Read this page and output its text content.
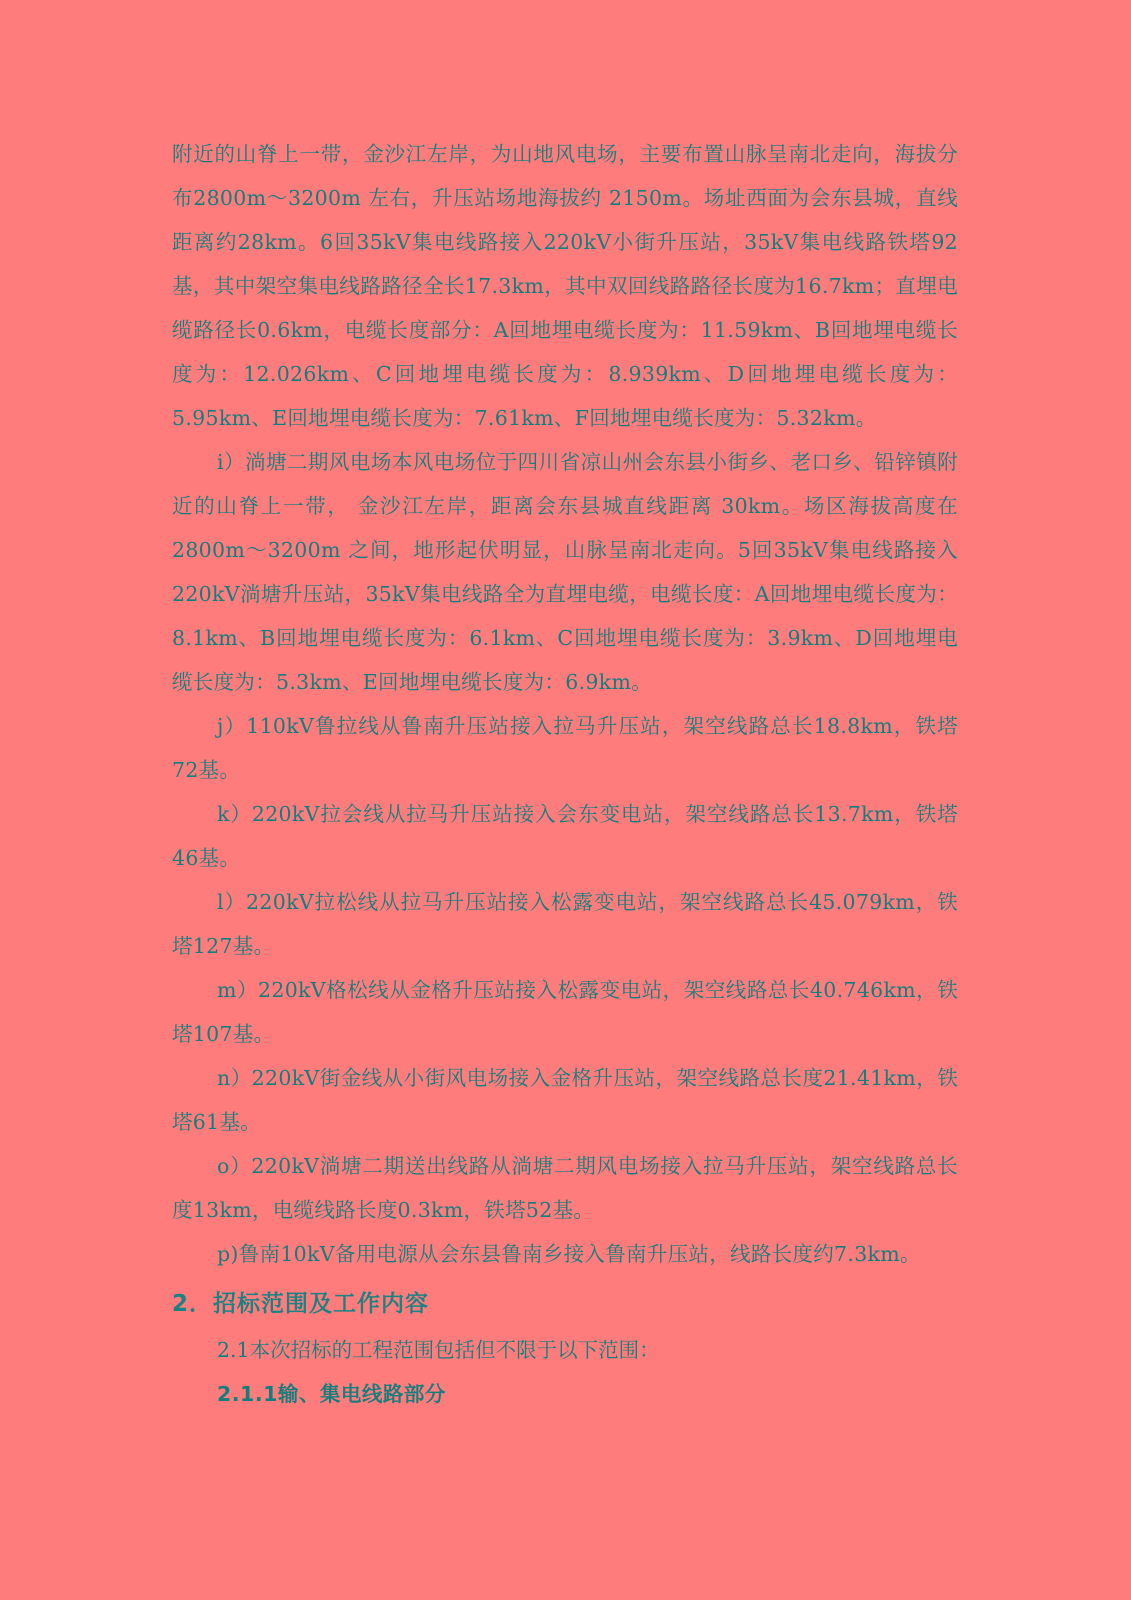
附近的山脊上一带，金沙江左岸，为山地风电场，主要布置山脉呈南北走向，海拔分布2800m～3200m 左右，升压站场地海拔约 2150m。场址西面为会东县城，直线距离约28km。6回35kV集电线路接入220kV小街升压站，35kV集电线路铁塔92基，其中架空集电线路路径全长17.3km，其中双回线路路径长度为16.7km；直埋电缆路径长0.6km，电缆长度部分：A回地埋电缆长度为：11.59km、B回地埋电缆长度为：12.026km、C回地埋电缆长度为：8.939km、D回地埋电缆长度为：5.95km、E回地埋电缆长度为：7.61km、F回地埋电缆长度为：5.32km。

i）淌塘二期风电场本风电场位于四川省凉山州会东县小街乡、老口乡、铅锌镇附近的山脊上一带， 金沙江左岸，距离会东县城直线距离 30km。场区海拔高度在 2800m～3200m 之间，地形起伏明显，山脉呈南北走向。5回35kV集电线路接入220kV淌塘升压站，35kV集电线路全为直埋电缆，电缆长度：A回地埋电缆长度为：8.1km、B回地埋电缆长度为：6.1km、C回地埋电缆长度为：3.9km、D回地埋电缆长度为：5.3km、E回地埋电缆长度为：6.9km。

j）110kV鲁拉线从鲁南升压站接入拉马升压站，架空线路总长18.8km，铁塔72基。

k）220kV拉会线从拉马升压站接入会东变电站，架空线路总长13.7km，铁塔46基。

l）220kV拉松线从拉马升压站接入松露变电站，架空线路总长45.079km，铁塔127基。

m）220kV格松线从金格升压站接入松露变电站，架空线路总长40.746km，铁塔107基。

n）220kV街金线从小街风电场接入金格升压站，架空线路总长度21.41km，铁塔61基。

o）220kV淌塘二期送出线路从淌塘二期风电场接入拉马升压站，架空线路总长度13km，电缆线路长度0.3km，铁塔52基。

p)鲁南10kV备用电源从会东县鲁南乡接入鲁南升压站，线路长度约7.3km。

2．招标范围及工作内容

2.1本次招标的工程范围包括但不限于以下范围：

2.1.1输、集电线路部分
